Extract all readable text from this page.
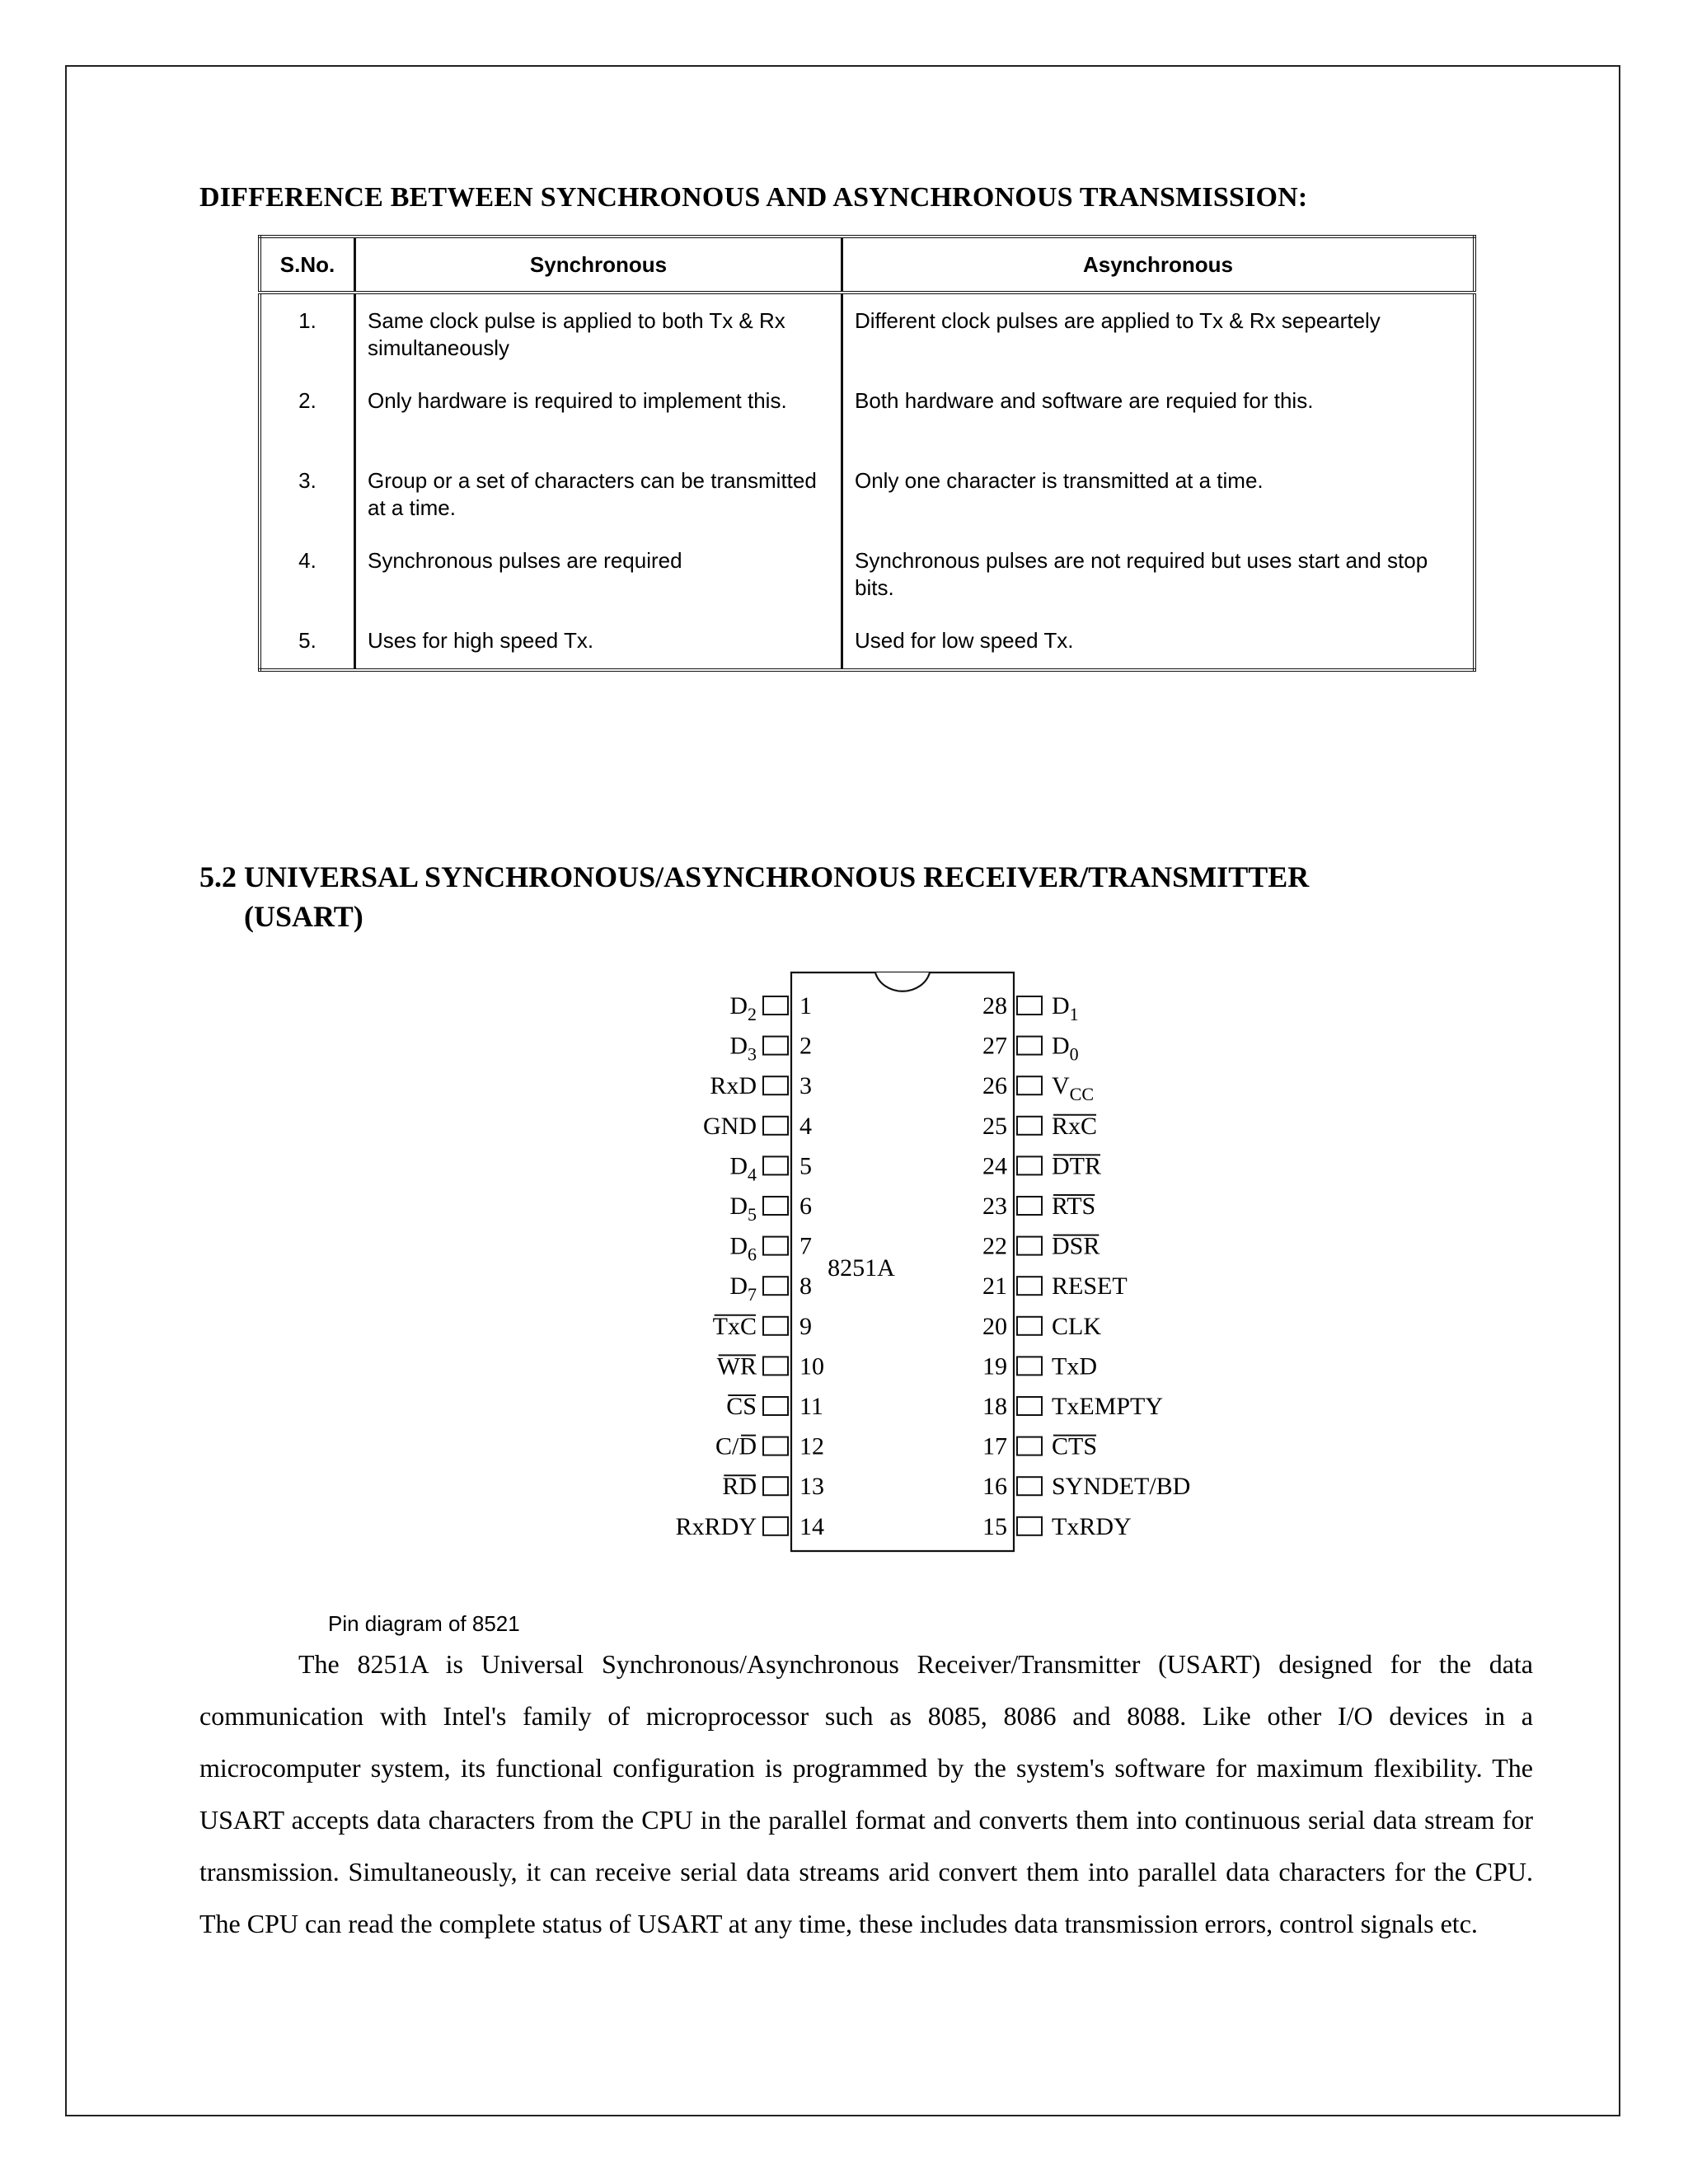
DIFFERENCE BETWEEN SYNCHRONOUS AND ASYNCHRONOUS TRANSMISSION:
S.No.	Synchronous	Asynchronous
1.	Same clock pulse is applied to both Tx & Rx simultaneously	Different clock pulses are applied to Tx & Rx sepeartely
2.	Only hardware is required to implement this.	Both hardware and software are requied for this.
3.	Group or a set of characters can be transmitted at a time.	Only one character is transmitted at a time.
4.	Synchronous pulses are required	Synchronous pulses are not required but uses start and stop bits.
5.	Uses for high speed Tx.	Used for low speed Tx.
5.2 UNIVERSAL SYNCHRONOUS/ASYNCHRONOUS RECEIVER/TRANSMITTER
(USART)
8251A
1
$D_2$
2
$D_3$
3
RxD
4
GND
5
$D_4$
6
$D_5$
7
$D_6$
8
$D_7$
9
TxC
10
WR
11
CS
12
C/D
13
RD
14
RxRDY
28 $D_1$
27 $D_0$
26 $V_{CC}$
25 RxC
24 DTR
23 RTS
22 DSR
21 RESET
20 CLK
19 TxD
18 TxEMPTY
17 CTS
16 SYNDET/BD
15 TxRDY
Pin diagram of 8521

The 8251A is Universal Synchronous/Asynchronous Receiver/Transmitter (USART) designed for the data communication with Intel's family of microprocessor such as 8085, 8086 and 8088. Like other I/O devices in a microcomputer system, its functional configuration is programmed by the system's software for maximum flexibility. The USART accepts data characters from the CPU in the parallel format and converts them into continuous serial data stream for transmission. Simultaneously, it can receive serial data streams arid convert them into parallel data characters for the CPU. The CPU can read the complete status of USART at any time, these includes data transmission errors, control signals etc.
